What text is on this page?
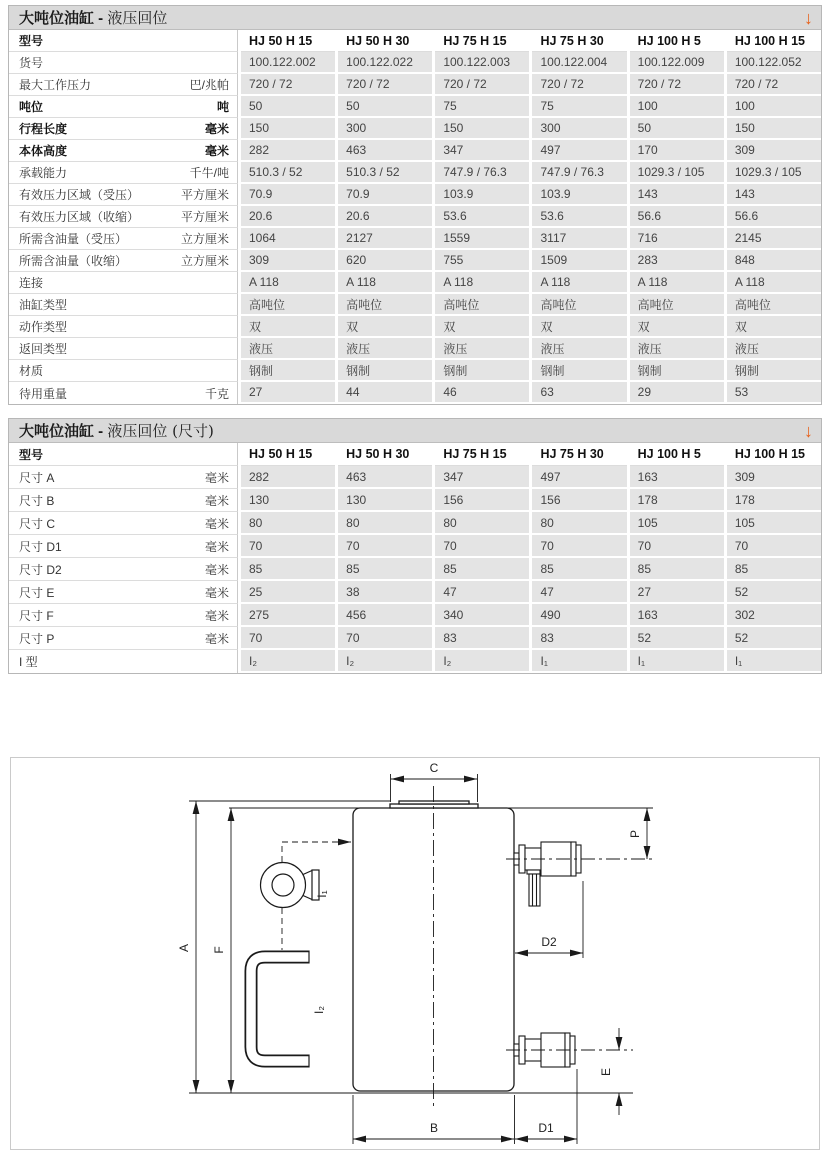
大吨位油缸 - 液压回位	↓
型号	HJ 50 H 15	HJ 50 H 30	HJ 75 H 15	HJ 75 H 30	HJ 100 H 5	HJ 100 H 15
货号	100.122.002	100.122.022	100.122.003	100.122.004	100.122.009	100.122.052
最大工作压力	巴/兆帕	720 / 72	720 / 72	720 / 72	720 / 72	720 / 72	720 / 72
吨位	吨	50	50	75	75	100	100
行程长度	毫米	150	300	150	300	50	150
本体高度	毫米	282	463	347	497	170	309
承载能力	千牛/吨	510.3 / 52	510.3 / 52	747.9 / 76.3	747.9 / 76.3	1029.3 / 105	1029.3 / 105
有效压力区域（受压）	平方厘米	70.9	70.9	103.9	103.9	143	143
有效压力区域（收缩）	平方厘米	20.6	20.6	53.6	53.6	56.6	56.6
所需含油量（受压）	立方厘米	1064	2127	1559	3117	716	2145
所需含油量（收缩）	立方厘米	309	620	755	1509	283	848
连接	A 118	A 118	A 118	A 118	A 118	A 118
油缸类型	高吨位	高吨位	高吨位	高吨位	高吨位	高吨位
动作类型	双	双	双	双	双	双
返回类型	液压	液压	液压	液压	液压	液压
材质	钢制	钢制	钢制	钢制	钢制	钢制
待用重量	千克	27	44	46	63	29	53
大吨位油缸 - 液压回位 (尺寸)	↓
型号	HJ 50 H 15	HJ 50 H 30	HJ 75 H 15	HJ 75 H 30	HJ 100 H 5	HJ 100 H 15
尺寸 A	毫米	282	463	347	497	163	309
尺寸 B	毫米	130	130	156	156	178	178
尺寸 C	毫米	80	80	80	80	105	105
尺寸 D1	毫米	70	70	70	70	70	70
尺寸 D2	毫米	85	85	85	85	85	85
尺寸 E	毫米	25	38	47	47	27	52
尺寸 F	毫米	275	456	340	490	163	302
尺寸 P	毫米	70	70	83	83	52	52
I 型	I₂	I₂	I₂	I₁	I₁	I₁
C
A F
I₁
I₂
P
D2
E
B	D1
